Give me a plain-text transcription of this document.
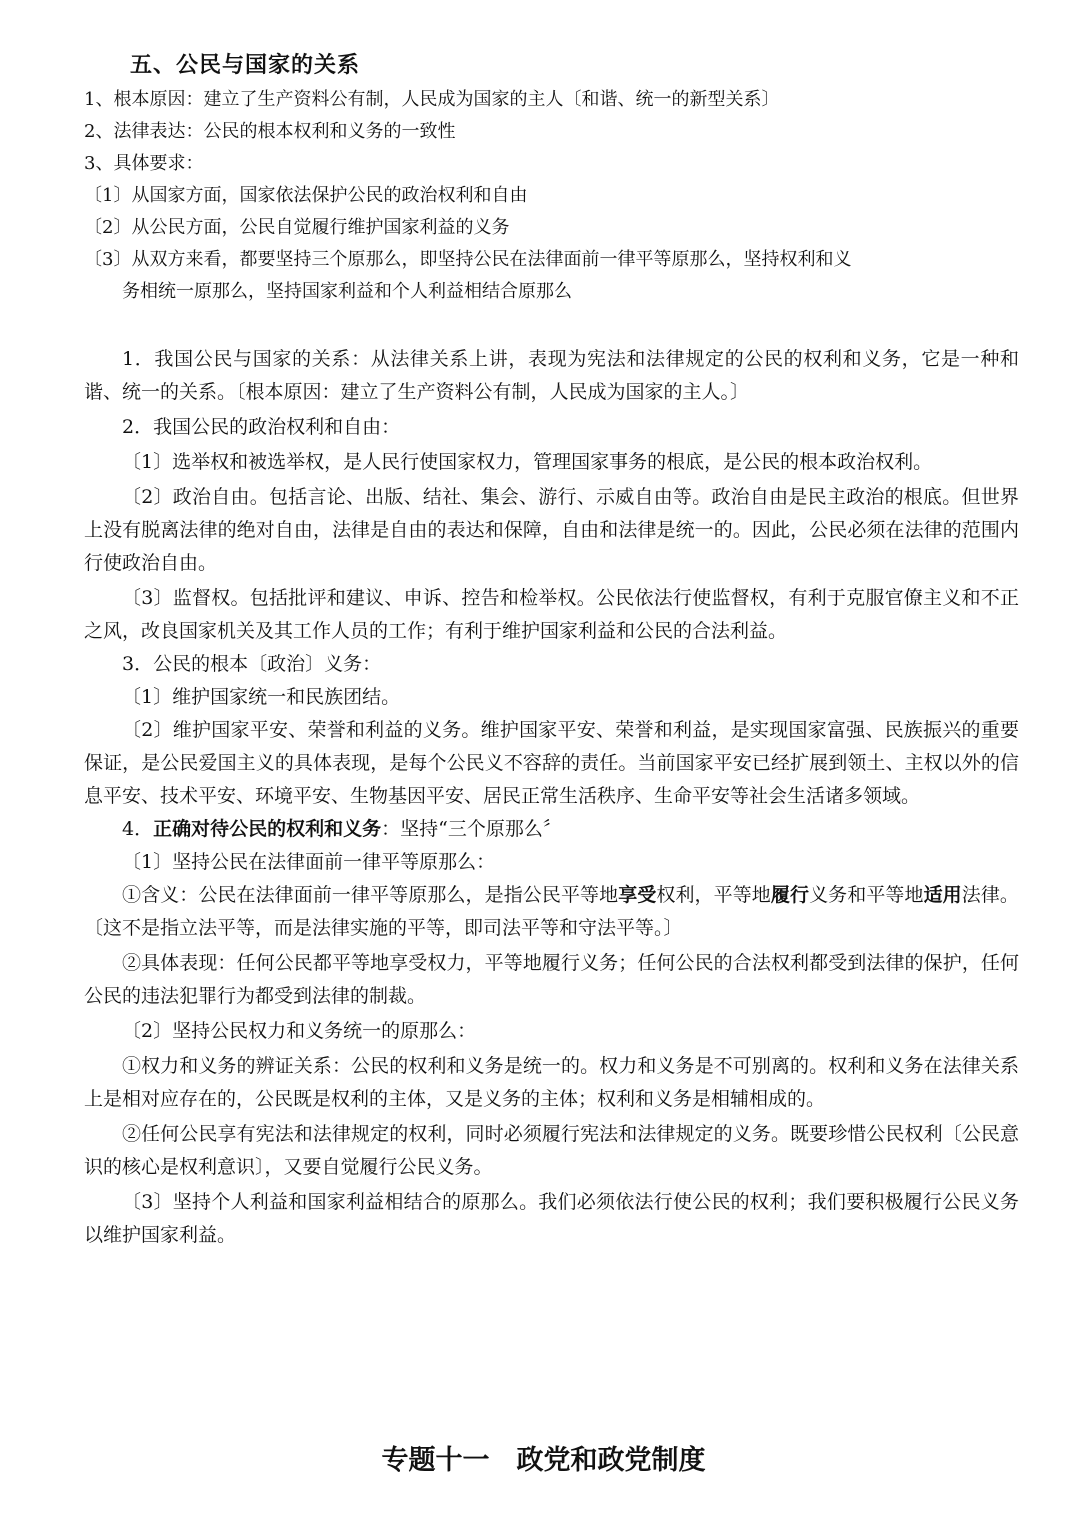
五、公民与国家的关系
1、根本原因：建立了生产资料公有制，人民成为国家的主人〔和谐、统一的新型关系〕
2、法律表达：公民的根本权利和义务的一致性
3、具体要求：
〔1〕从国家方面，国家依法保护公民的政治权利和自由
〔2〕从公民方面，公民自觉履行维护国家利益的义务
〔3〕从双方来看，都要坚持三个原那么，即坚持公民在法律面前一律平等原那么，坚持权利和义
务相统一原那么，坚持国家利益和个人利益相结合原那么

1．我国公民与国家的关系：从法律关系上讲，表现为宪法和法律规定的公民的权利和义务，它是一种和谐、统一的关系。〔根本原因：建立了生产资料公有制，人民成为国家的主人。〕

2．我国公民的政治权利和自由：

〔1〕选举权和被选举权，是人民行使国家权力，管理国家事务的根底，是公民的根本政治权利。

〔2〕政治自由。包括言论、出版、结社、集会、游行、示威自由等。政治自由是民主政治的根底。但世界上没有脱离法律的绝对自由，法律是自由的表达和保障，自由和法律是统一的。因此，公民必须在法律的范围内行使政治自由。

〔3〕监督权。包括批评和建议、申诉、控告和检举权。公民依法行使监督权，有利于克服官僚主义和不正之风，改良国家机关及其工作人员的工作；有利于维护国家利益和公民的合法利益。

3．公民的根本〔政治〕义务：

〔1〕维护国家统一和民族团结。

〔2〕维护国家平安、荣誉和利益的义务。维护国家平安、荣誉和利益，是实现国家富强、民族振兴的重要保证，是公民爱国主义的具体表现，是每个公民义不容辞的责任。当前国家平安已经扩展到领土、主权以外的信息平安、技术平安、环境平安、生物基因平安、居民正常生活秩序、生命平安等社会生活诸多领域。

4．正确对待公民的权利和义务：坚持“三个原那么〞

〔1〕坚持公民在法律面前一律平等原那么：

①含义：公民在法律面前一律平等原那么，是指公民平等地享受权利，平等地履行义务和平等地适用法律。〔这不是指立法平等，而是法律实施的平等，即司法平等和守法平等。〕

②具体表现：任何公民都平等地享受权力，平等地履行义务；任何公民的合法权利都受到法律的保护，任何公民的违法犯罪行为都受到法律的制裁。

〔2〕坚持公民权力和义务统一的原那么：

①权力和义务的辨证关系：公民的权利和义务是统一的。权力和义务是不可别离的。权利和义务在法律关系上是相对应存在的，公民既是权利的主体，又是义务的主体；权利和义务是相辅相成的。

②任何公民享有宪法和法律规定的权利，同时必须履行宪法和法律规定的义务。既要珍惜公民权利〔公民意识的核心是权利意识〕，又要自觉履行公民义务。

〔3〕坚持个人利益和国家利益相结合的原那么。我们必须依法行使公民的权利；我们要积极履行公民义务以维护国家利益。

专题十一　政党和政党制度
